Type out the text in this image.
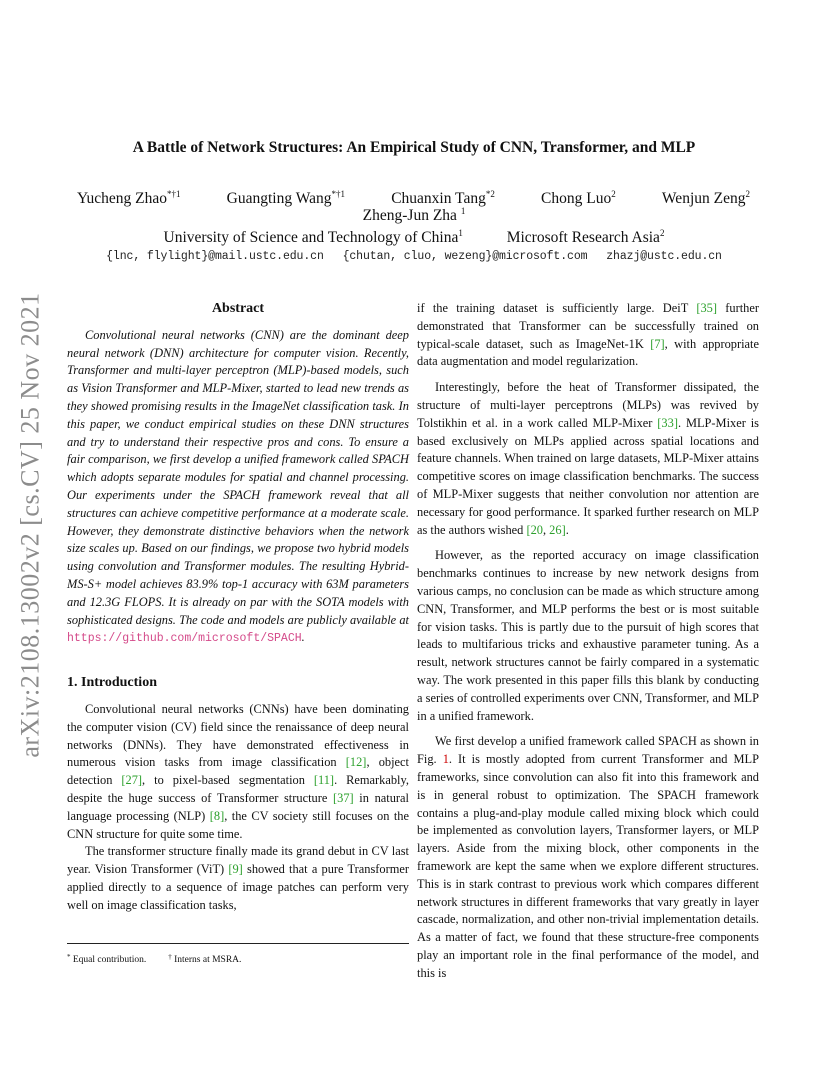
arXiv:2108.13002v2 [cs.CV] 25 Nov 2021
A Battle of Network Structures: An Empirical Study of CNN, Transformer, and MLP
Yucheng Zhao$^{*\dagger 1}$	Guangting Wang$^{*\dagger 1}$	Chuanxin Tang$^{*2}$	Chong Luo$^2$	Wenjun Zeng$^2$
Zheng-Jun Zha $^1$
University of Science and Technology of China$^1$	Microsoft Research Asia$^2$
{lnc, flylight}@mail.ustc.edu.cn {chutan, cluo, wezeng}@microsoft.com zhazj@ustc.edu.cn
Abstract

Convolutional neural networks (CNN) are the dominant deep neural network (DNN) architecture for computer vision. Recently, Transformer and multi-layer perceptron (MLP)-based models, such as Vision Transformer and MLP-Mixer, started to lead new trends as they showed promising results in the ImageNet classification task. In this paper, we conduct empirical studies on these DNN structures and try to understand their respective pros and cons. To ensure a fair comparison, we first develop a unified framework called SPACH which adopts separate modules for spatial and channel processing. Our experiments under the SPACH framework reveal that all structures can achieve competitive performance at a moderate scale. However, they demonstrate distinctive behaviors when the network size scales up. Based on our findings, we propose two hybrid models using convolution and Transformer modules. The resulting Hybrid-MS-S+ model achieves 83.9% top-1 accuracy with 63M parameters and 12.3G FLOPS. It is already on par with the SOTA models with sophisticated designs. The code and models are publicly available at https://github.com/microsoft/SPACH.

1. Introduction

Convolutional neural networks (CNNs) have been dominating the computer vision (CV) field since the renaissance of deep neural networks (DNNs). They have demonstrated effectiveness in numerous vision tasks from image classification [12], object detection [27], to pixel-based segmentation [11]. Remarkably, despite the huge success of Transformer structure [37] in natural language processing (NLP) [8], the CV society still focuses on the CNN structure for quite some time.

The transformer structure finally made its grand debut in CV last year. Vision Transformer (ViT) [9] showed that a pure Transformer applied directly to a sequence of image patches can perform very well on image classification tasks,

if the training dataset is sufficiently large. DeiT [35] further demonstrated that Transformer can be successfully trained on typical-scale dataset, such as ImageNet-1K [7], with appropriate data augmentation and model regularization.

Interestingly, before the heat of Transformer dissipated, the structure of multi-layer perceptrons (MLPs) was revived by Tolstikhin et al. in a work called MLP-Mixer [33]. MLP-Mixer is based exclusively on MLPs applied across spatial locations and feature channels. When trained on large datasets, MLP-Mixer attains competitive scores on image classification benchmarks. The success of MLP-Mixer suggests that neither convolution nor attention are necessary for good performance. It sparked further research on MLP as the authors wished [20, 26].

However, as the reported accuracy on image classification benchmarks continues to increase by new network designs from various camps, no conclusion can be made as which structure among CNN, Transformer, and MLP performs the best or is most suitable for vision tasks. This is partly due to the pursuit of high scores that leads to multifarious tricks and exhaustive parameter tuning. As a result, network structures cannot be fairly compared in a systematic way. The work presented in this paper fills this blank by conducting a series of controlled experiments over CNN, Transformer, and MLP in a unified framework.

We first develop a unified framework called SPACH as shown in Fig. 1. It is mostly adopted from current Transformer and MLP frameworks, since convolution can also fit into this framework and is in general robust to optimization. The SPACH framework contains a plug-and-play module called mixing block which could be implemented as convolution layers, Transformer layers, or MLP layers. Aside from the mixing block, other components in the framework are kept the same when we explore different structures. This is in stark contrast to previous work which compares different network structures in different frameworks that vary greatly in layer cascade, normalization, and other non-trivial implementation details. As a matter of fact, we found that these structure-free components play an important role in the final performance of the model, and this is

* Equal contribution.	† Interns at MSRA.
